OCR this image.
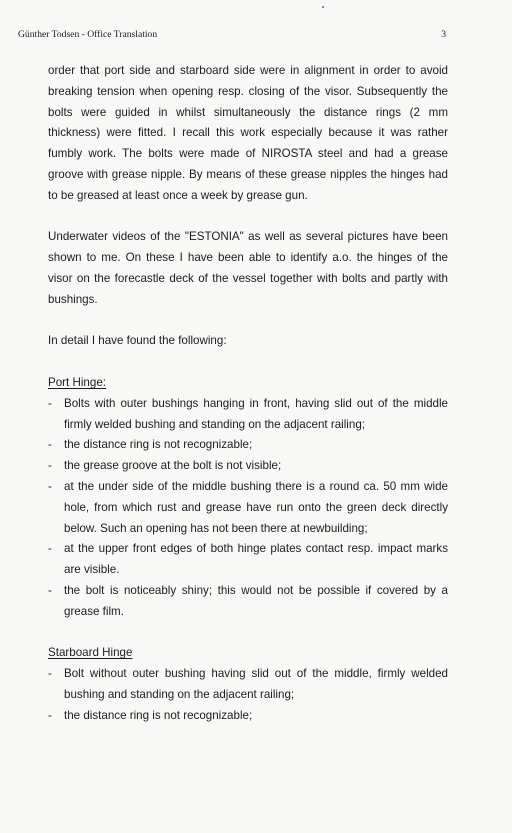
Günther Todsen - Office Translation	3

order that port side and starboard side were in alignment in order to avoid breaking tension when opening resp. closing of the visor. Subsequently the bolts were guided in whilst simultaneously the distance rings (2 mm thickness) were fitted. I recall this work especially because it was rather fumbly work. The bolts were made of NIROSTA steel and had a grease groove with grease nipple. By means of these grease nipples the hinges had to be greased at least once a week by grease gun.

Underwater videos of the "ESTONIA" as well as several pictures have been shown to me. On these I have been able to identify a.o. the hinges of the visor on the forecastle deck of the vessel together with bolts and partly with bushings.

In detail I have found the following:

Port Hinge:

- Bolts with outer bushings hanging in front, having slid out of the middle firmly welded bushing and standing on the adjacent railing;
- the distance ring is not recognizable;
- the grease groove at the bolt is not visible;
- at the under side of the middle bushing there is a round ca. 50 mm wide hole, from which rust and grease have run onto the green deck directly below. Such an opening has not been there at newbuilding;
- at the upper front edges of both hinge plates contact resp. impact marks are visible.
- the bolt is noticeably shiny; this would not be possible if covered by a grease film.

Starboard Hinge

- Bolt without outer bushing having slid out of the middle, firmly welded bushing and standing on the adjacent railing;
- the distance ring is not recognizable;
